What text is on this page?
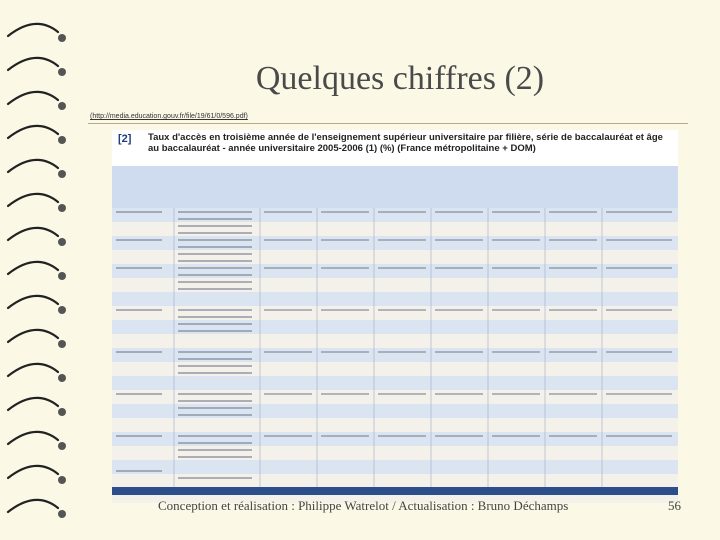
Quelques chiffres (2)
(http://media.education.gouv.fr/file/19/61/0/596.pdf)
[2] Taux d'accès en troisième année de l'enseignement supérieur universitaire par filière, série de baccalauréat et âge au baccalauréat - année universitaire 2005-2006 (1) (%) (France métropolitaine + DOM)
Conception et réalisation : Philippe Watrelot / Actualisation : Bruno Déchamps	56
